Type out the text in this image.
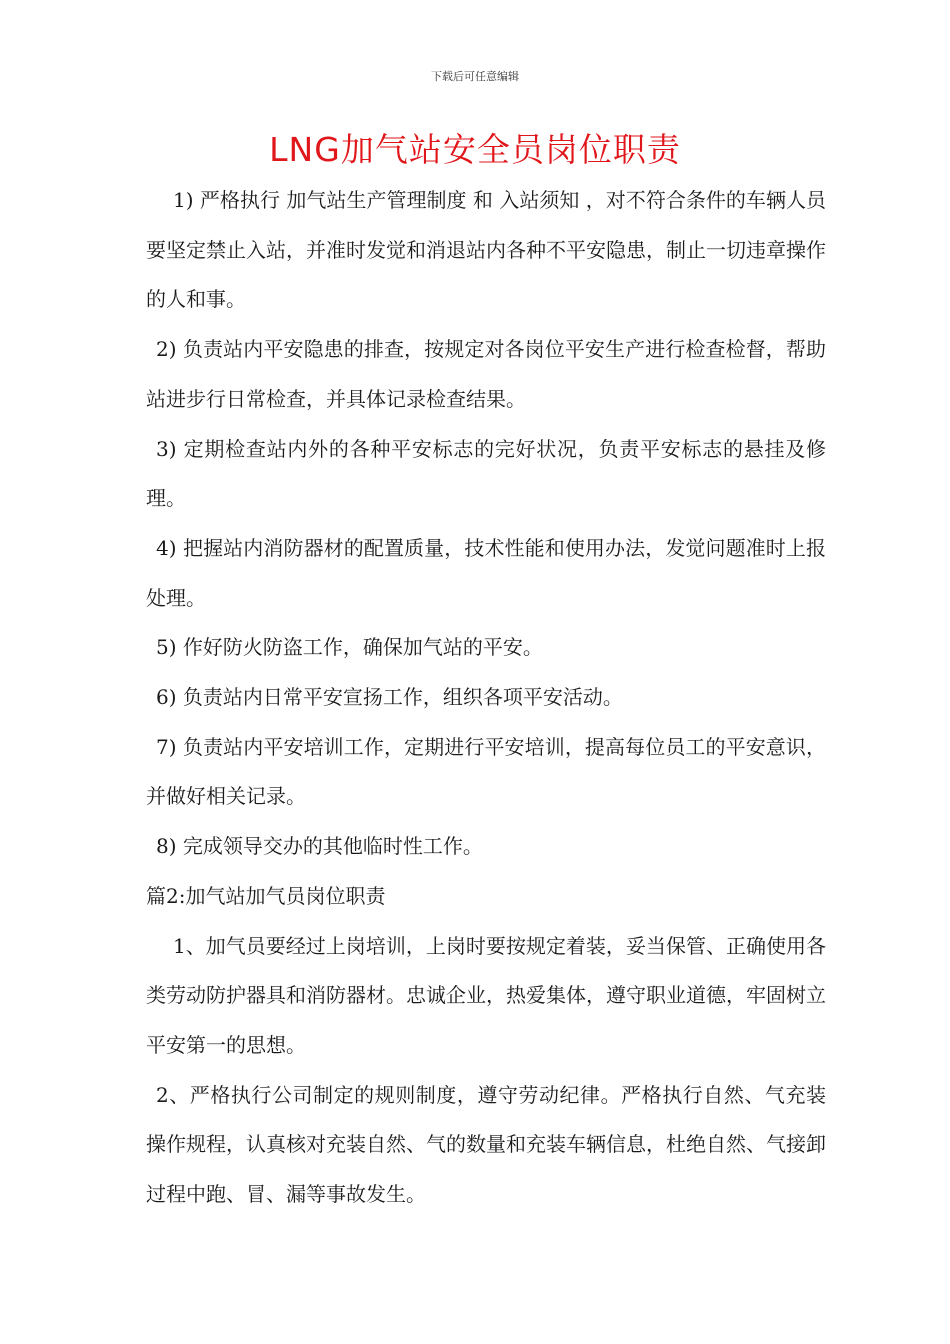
下载后可任意编辑
LNG加气站安全员岗位职责

1) 严格执行 加气站生产管理制度 和 入站须知 ，对不符合条件的车辆人员要坚定禁止入站，并准时发觉和消退站内各种不平安隐患，制止一切违章操作的人和事。

2) 负责站内平安隐患的排查，按规定对各岗位平安生产进行检查检督，帮助站进步行日常检查，并具体记录检查结果。

3) 定期检查站内外的各种平安标志的完好状况，负责平安标志的悬挂及修理。

4) 把握站内消防器材的配置质量，技术性能和使用办法，发觉问题准时上报处理。

5) 作好防火防盗工作，确保加气站的平安。

6) 负责站内日常平安宣扬工作，组织各项平安活动。

7) 负责站内平安培训工作，定期进行平安培训，提高每位员工的平安意识，并做好相关记录。

8) 完成领导交办的其他临时性工作。

篇2:加气站加气员岗位职责

1、加气员要经过上岗培训，上岗时要按规定着装，妥当保管、正确使用各类劳动防护器具和消防器材。忠诚企业，热爱集体，遵守职业道德，牢固树立平安第一的思想。

2、严格执行公司制定的规则制度，遵守劳动纪律。严格执行自然、气充装操作规程，认真核对充装自然、气的数量和充装车辆信息，杜绝自然、气接卸过程中跑、冒、漏等事故发生。
